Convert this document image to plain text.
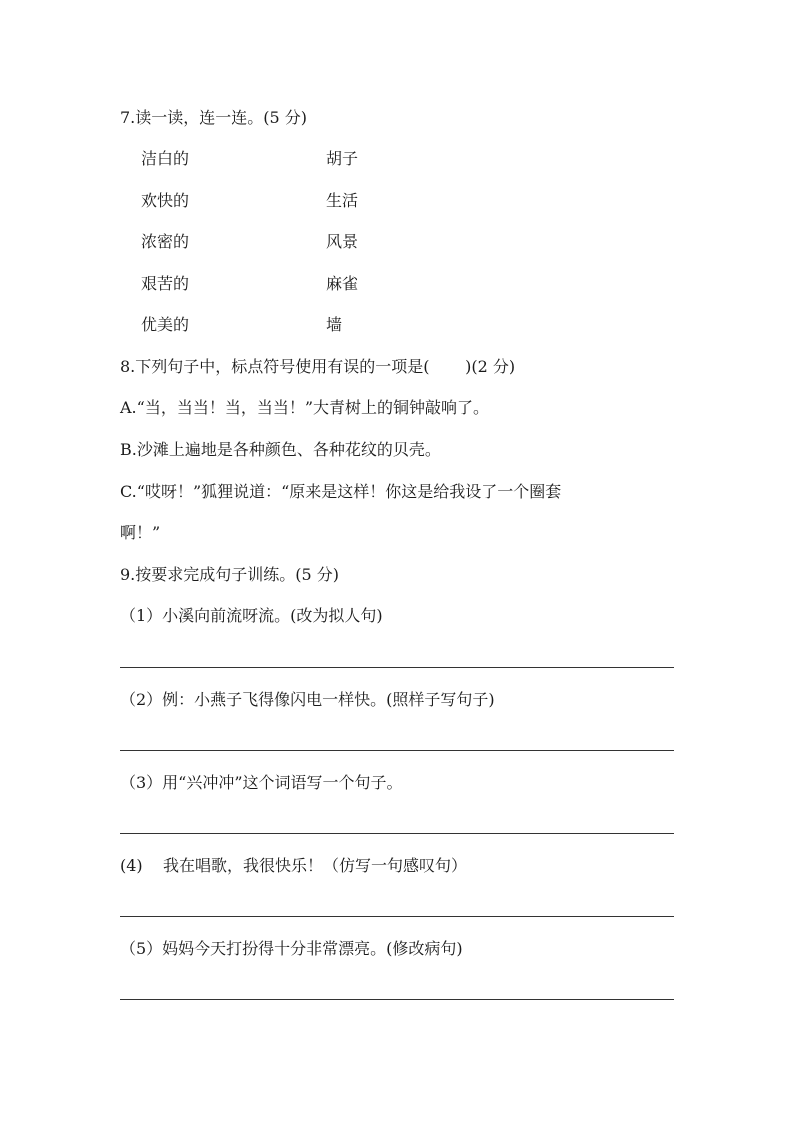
7.读一读，连一连。(5 分)

洁白的	胡子

欢快的	生活

浓密的	风景

艰苦的	麻雀

优美的	墙

8.下列句子中，标点符号使用有误的一项是(       )(2 分)

A.“当，当当！当，当当！”大青树上的铜钟敲响了。

B.沙滩上遍地是各种颜色、各种花纹的贝壳。

C.“哎呀！”狐狸说道：“原来是这样！你这是给我设了一个圈套

啊！”

9.按要求完成句子训练。(5 分)

（1）小溪向前流呀流。(改为拟人句)

（2）例：小燕子飞得像闪电一样快。(照样子写句子)

（3）用“兴冲冲”这个词语写一个句子。

(4)    我在唱歌，我很快乐！（仿写一句感叹句）

（5）妈妈今天打扮得十分非常漂亮。(修改病句)
